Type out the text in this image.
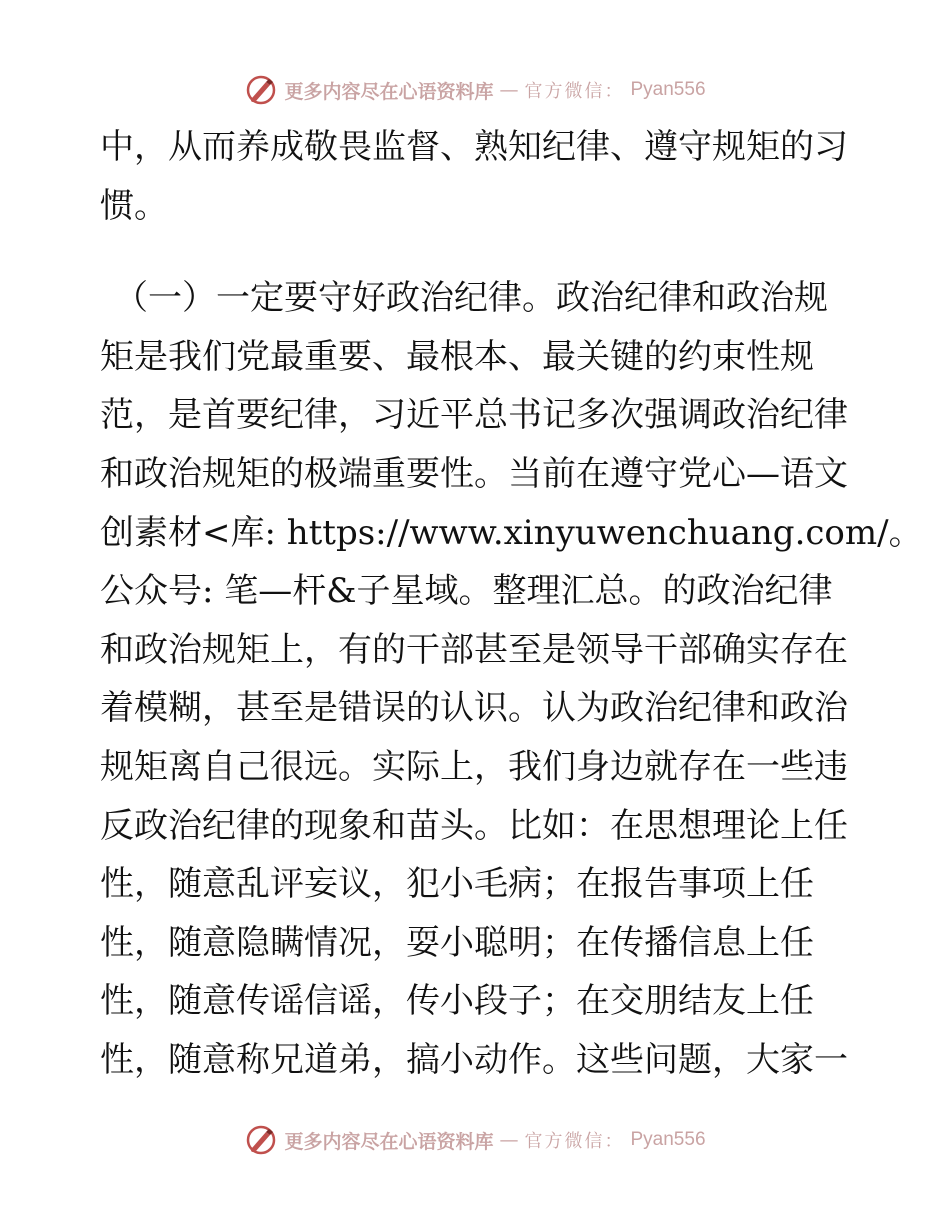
更多内容尽在心语资料库 — 官方微信： Pyan556
中，从而养成敬畏监督、熟知纪律、遵守规矩的习
惯。
（一）一定要守好政治纪律。政治纪律和政治规
矩是我们党最重要、最根本、最关键的约束性规
范，是首要纪律，习近平总书记多次强调政治纪律
和政治规矩的极端重要性。当前在遵守党心—语文
创素材<库: https://www.xinyuwenchuang.com/。
公众号: 笔—杆&子星域。整理汇总。的政治纪律
和政治规矩上，有的干部甚至是领导干部确实存在
着模糊，甚至是错误的认识。认为政治纪律和政治
规矩离自己很远。实际上，我们身边就存在一些违
反政治纪律的现象和苗头。比如：在思想理论上任
性，随意乱评妄议，犯小毛病；在报告事项上任
性，随意隐瞒情况，耍小聪明；在传播信息上任
性，随意传谣信谣，传小段子；在交朋结友上任
性，随意称兄道弟，搞小动作。这些问题，大家一
更多内容尽在心语资料库 — 官方微信： Pyan556
